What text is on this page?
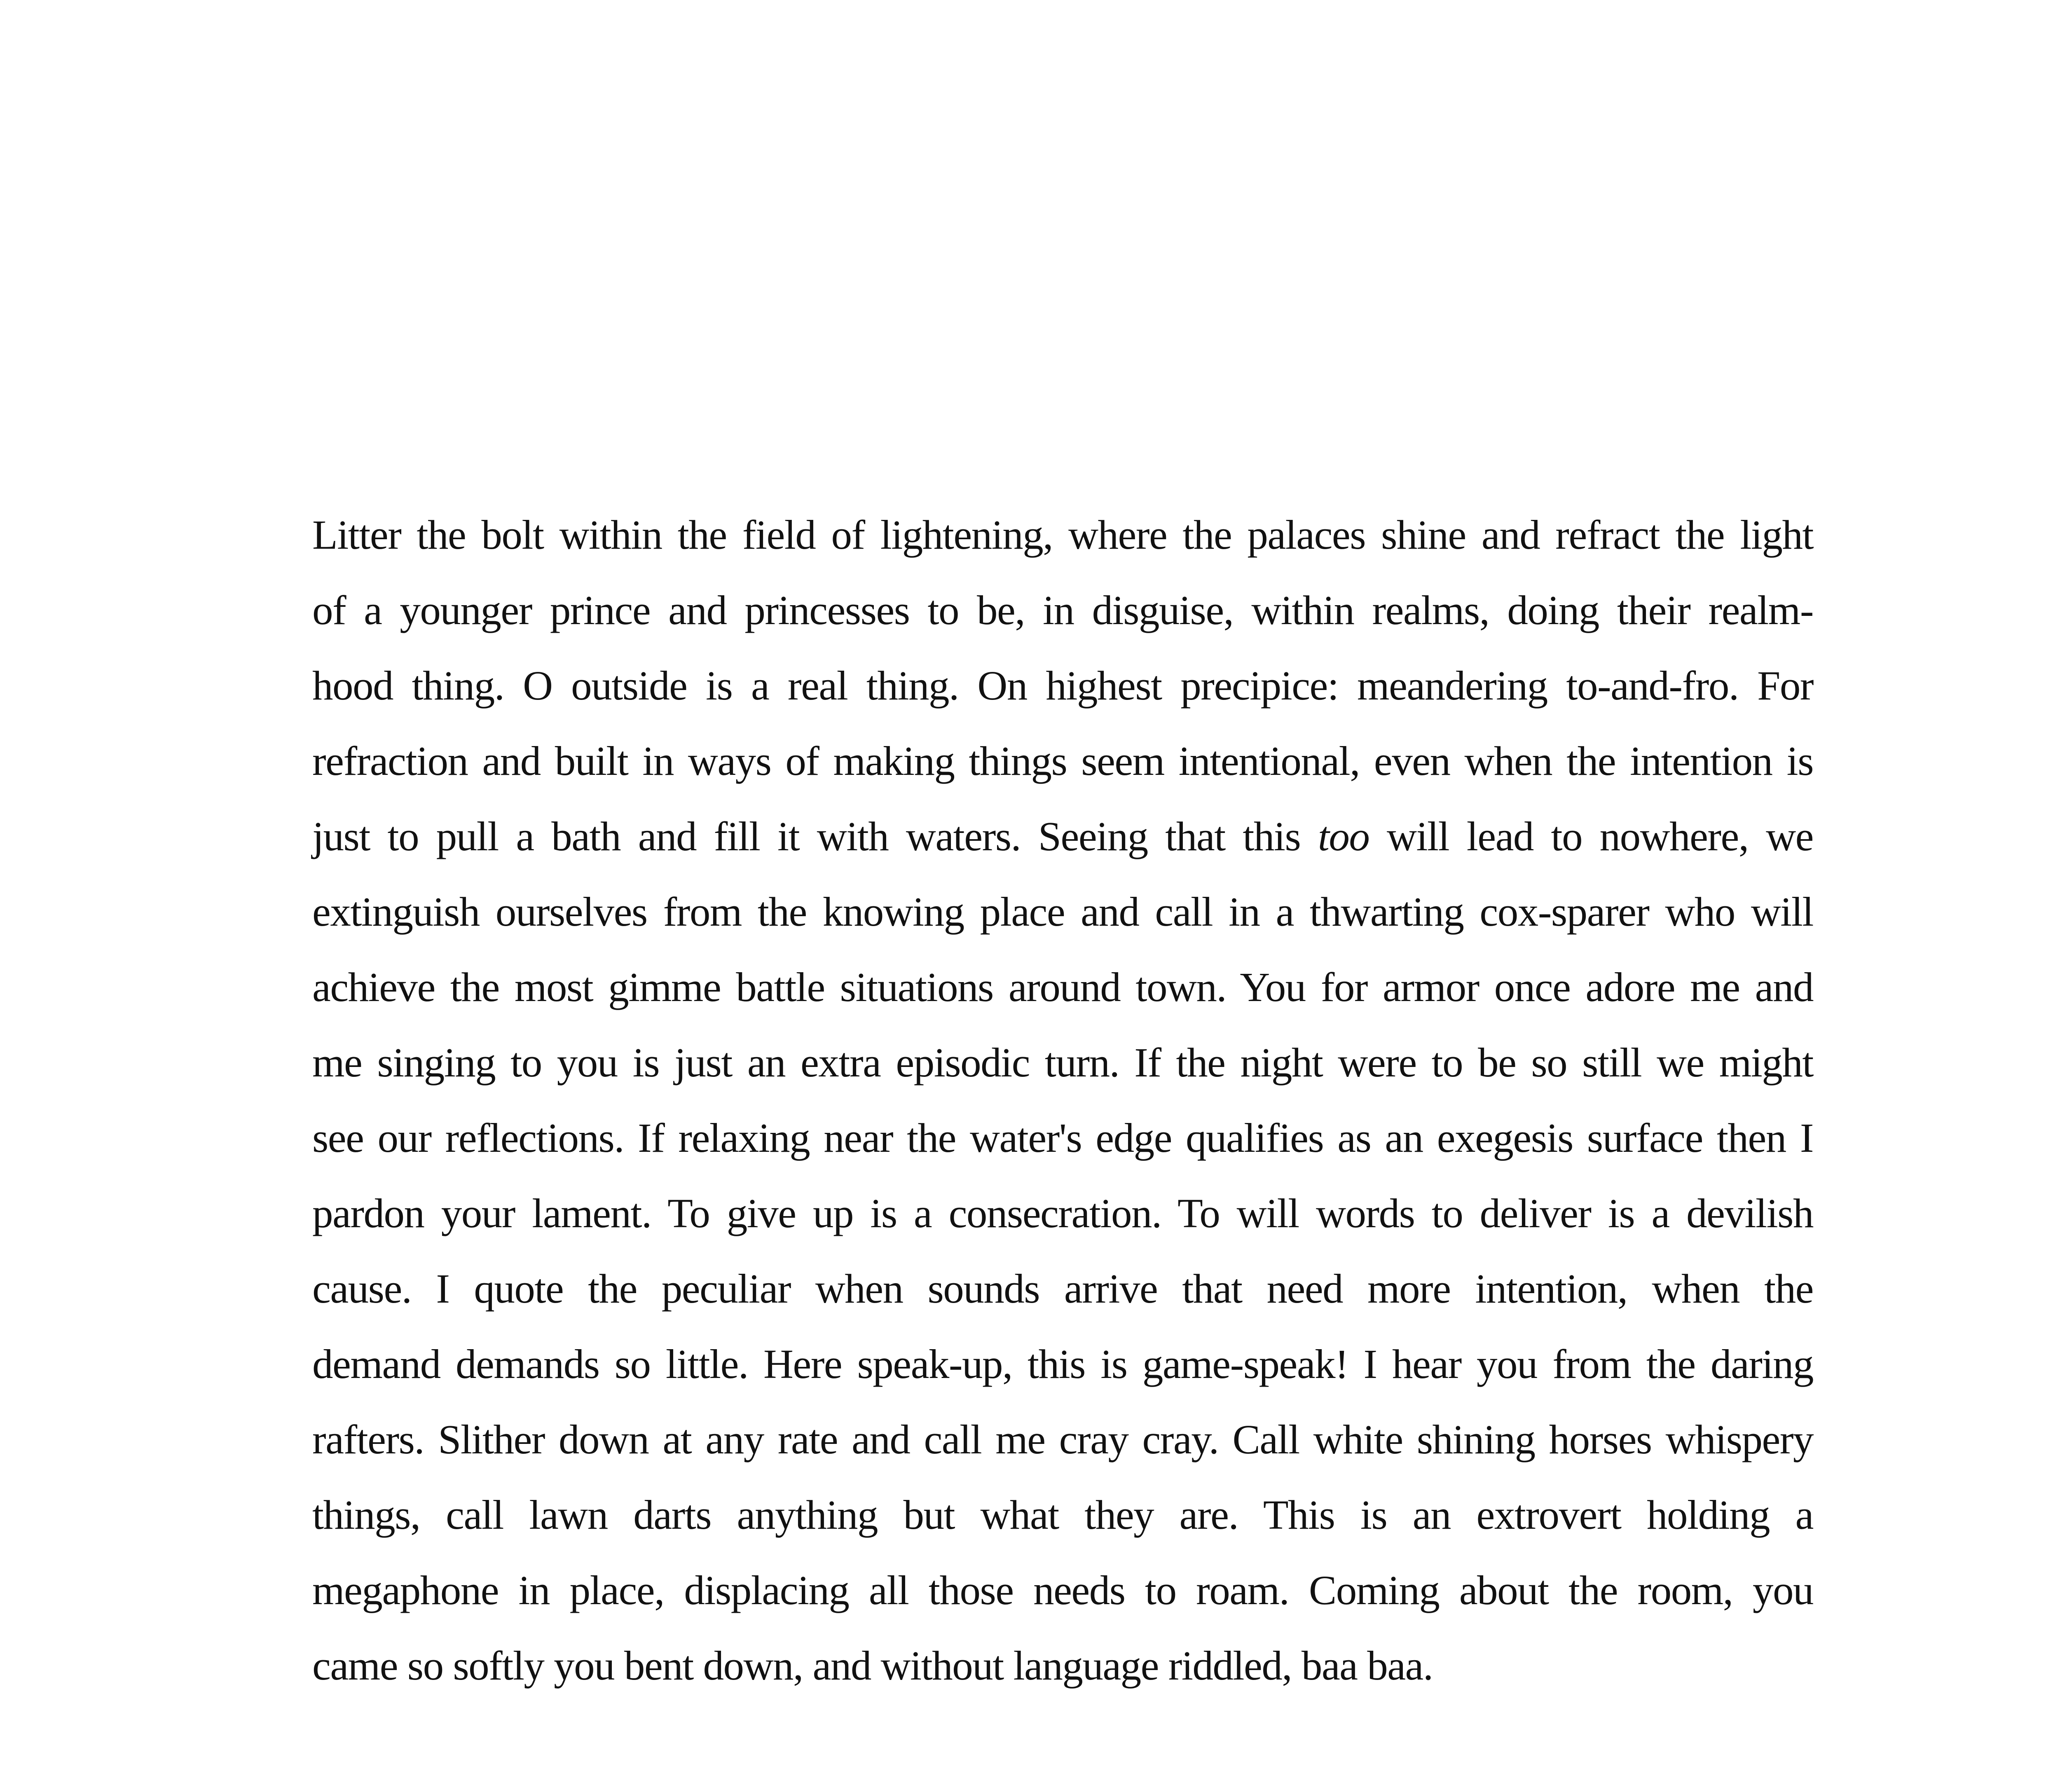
Litter the bolt within the field of lightening, where the palaces shine and refract the light
of a younger prince and princesses to be, in disguise, within realms, doing their realm-
hood thing. O outside is a real thing. On highest precipice: meandering to-and-fro. For
refraction and built in ways of making things seem intentional, even when the intention is
just to pull a bath and fill it with waters. Seeing that this too will lead to nowhere, we
extinguish ourselves from the knowing place and call in a thwarting cox-sparer who will
achieve the most gimme battle situations around town. You for armor once adore me and
me singing to you is just an extra episodic turn. If the night were to be so still we might
see our reflections. If relaxing near the water's edge qualifies as an exegesis surface then I
pardon your lament. To give up is a consecration. To will words to deliver is a devilish
cause. I quote the peculiar when sounds arrive that need more intention, when the
demand demands so little. Here speak-up, this is game-speak! I hear you from the daring
rafters. Slither down at any rate and call me cray cray. Call white shining horses whispery
things, call lawn darts anything but what they are. This is an extrovert holding a
megaphone in place, displacing all those needs to roam. Coming about the room, you
came so softly you bent down, and without language riddled, baa baa.
